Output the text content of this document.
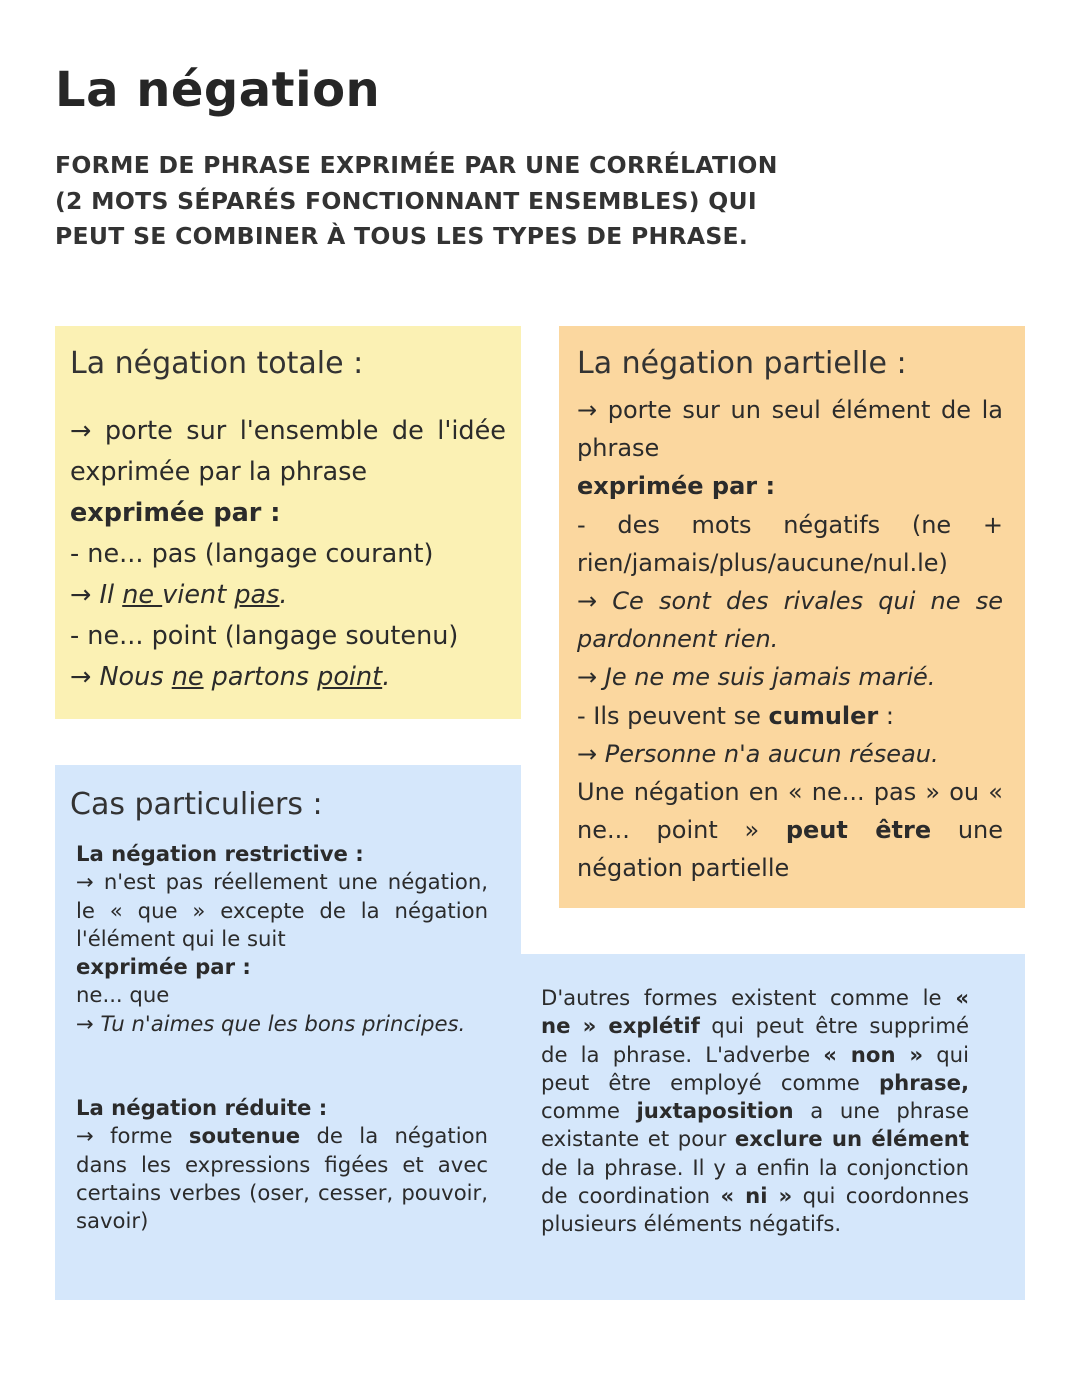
La négation

FORME DE PHRASE EXPRIMÉE PAR UNE CORRÉLATION (2 MOTS SÉPARÉS FONCTIONNANT ENSEMBLES) QUI PEUT SE COMBINER À TOUS LES TYPES DE PHRASE.

La négation totale :

→ porte sur l'ensemble de l'idée exprimée par la phrase

exprimée par :
- ne... pas (langage courant)
→ Il ne vient pas.
- ne... point (langage soutenu)
→ Nous ne partons point.
La négation partielle :

→ porte sur un seul élément de la phrase

exprimée par :

- des mots négatifs (ne + rien/jamais/plus/aucune/nul.le)

→ Ce sont des rivales qui ne se pardonnent rien.

→ Je ne me suis jamais marié.
- Ils peuvent se cumuler :
→ Personne n'a aucun réseau.

Une négation en « ne... pas » ou « ne... point » peut être une négation partielle

Cas particuliers :
La négation restrictive :

→ n'est pas réellement une négation, le « que » excepte de la négation l'élément qui le suit

exprimée par :
ne... que

→ Tu n'aimes que les bons principes.

La négation réduite :

→ forme soutenue de la négation dans les expressions figées et avec certains verbes (oser, cesser, pouvoir, savoir)

D'autres formes existent comme le « ne » explétif qui peut être supprimé de la phrase. L'adverbe « non » qui peut être employé comme phrase, comme juxtaposition a une phrase existante et pour exclure un élément de la phrase. Il y a enfin la conjonction de coordination « ni » qui coordonnes plusieurs éléments négatifs.
